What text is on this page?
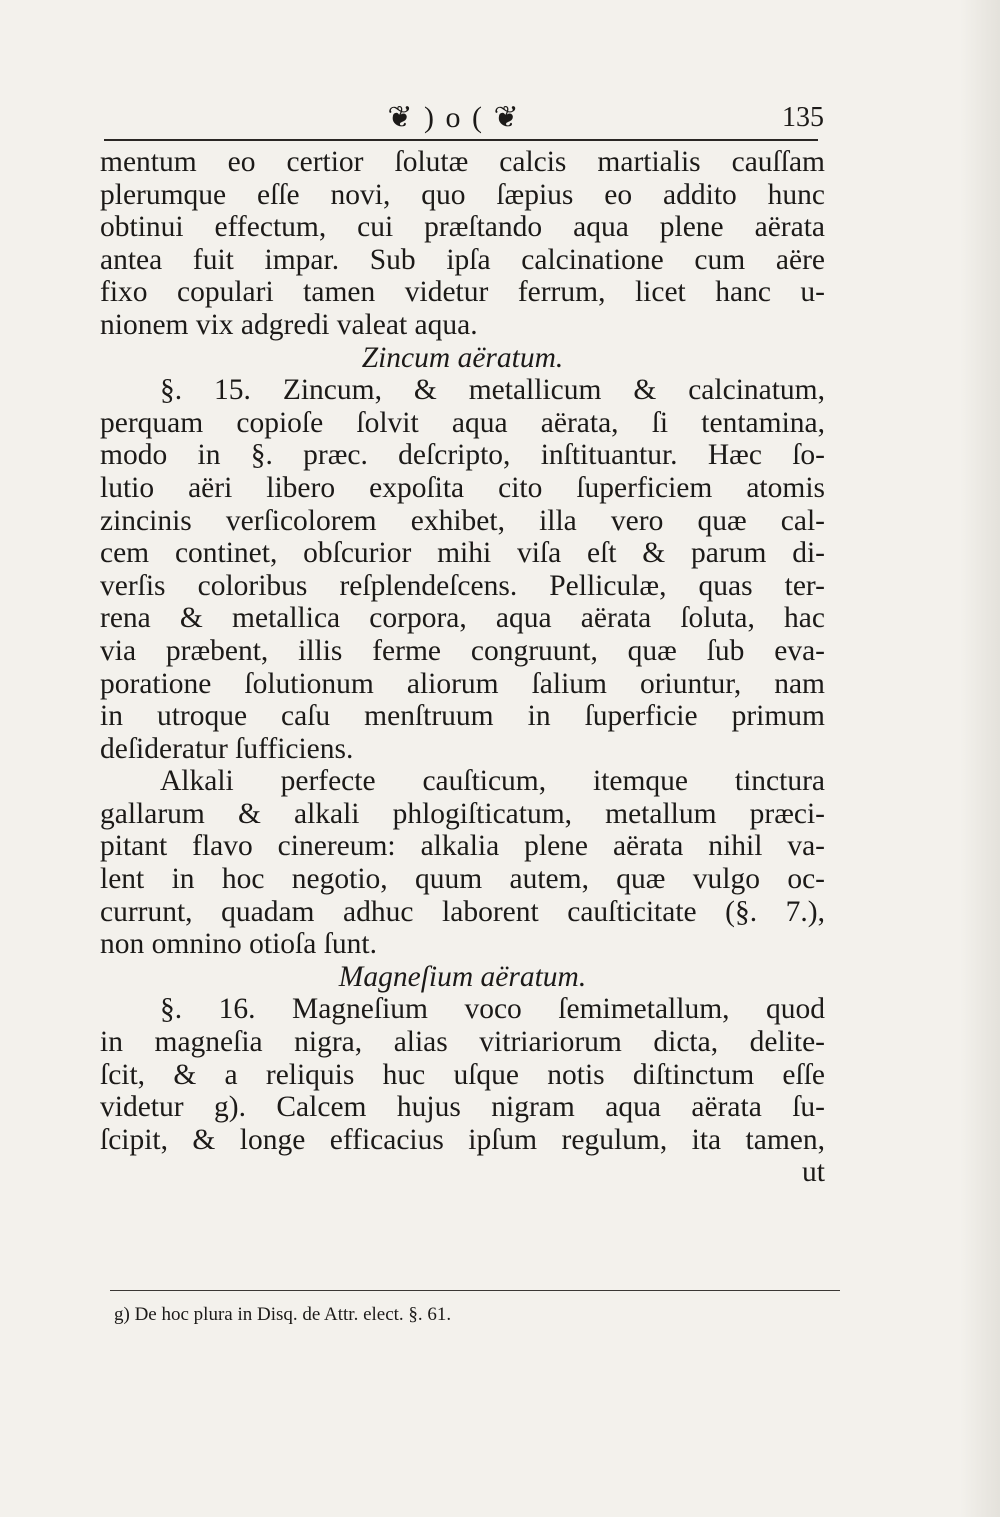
❦ ) o ( ❦	135
mentum eo certior ſolutæ calcis martialis cauſſam
plerumque eſſe novi, quo ſæpius eo addito hunc
obtinui effectum, cui præſtando aqua plene aërata
antea fuit impar. Sub ipſa calcinatione cum aëre
fixo copulari tamen videtur ferrum, licet hanc u-
nionem vix adgredi valeat aqua.
Zincum aëratum.
§. 15. Zincum, & metallicum & calcinatum,
perquam copioſe ſolvit aqua aërata, ſi tentamina,
modo in §. præc. deſcripto, inſtituantur. Hæc ſo-
lutio aëri libero expoſita cito ſuperficiem atomis
zincinis verſicolorem exhibet, illa vero quæ cal-
cem continet, obſcurior mihi viſa eſt & parum di-
verſis coloribus reſplendeſcens. Pelliculæ, quas ter-
rena & metallica corpora, aqua aërata ſoluta, hac
via præbent, illis ferme congruunt, quæ ſub eva-
poratione ſolutionum aliorum ſalium oriuntur, nam
in utroque caſu menſtruum in ſuperficie primum
deſideratur ſufficiens.
Alkali perfecte cauſticum, itemque tinctura
gallarum & alkali phlogiſticatum, metallum præci-
pitant flavo cinereum: alkalia plene aërata nihil va-
lent in hoc negotio, quum autem, quæ vulgo oc-
currunt, quadam adhuc laborent cauſticitate (§. 7.),
non omnino otioſa ſunt.
Magneſium aëratum.
§. 16. Magneſium voco ſemimetallum, quod
in magneſia nigra, alias vitriariorum dicta, delite-
ſcit, & a reliquis huc uſque notis diſtinctum eſſe
videtur g). Calcem hujus nigram aqua aërata ſu-
ſcipit, & longe efficacius ipſum regulum, ita tamen,
ut
g) De hoc plura in Disq. de Attr. elect. §. 61.
